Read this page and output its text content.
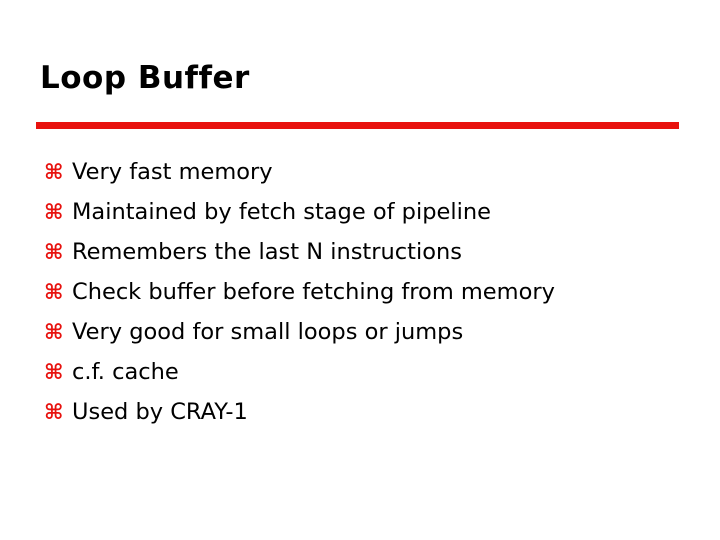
Loop Buffer
⌘ Very fast memory
⌘ Maintained by fetch stage of pipeline
⌘ Remembers the last N instructions
⌘ Check buffer before fetching from memory
⌘ Very good for small loops or jumps
⌘ c.f. cache
⌘ Used by CRAY-1
